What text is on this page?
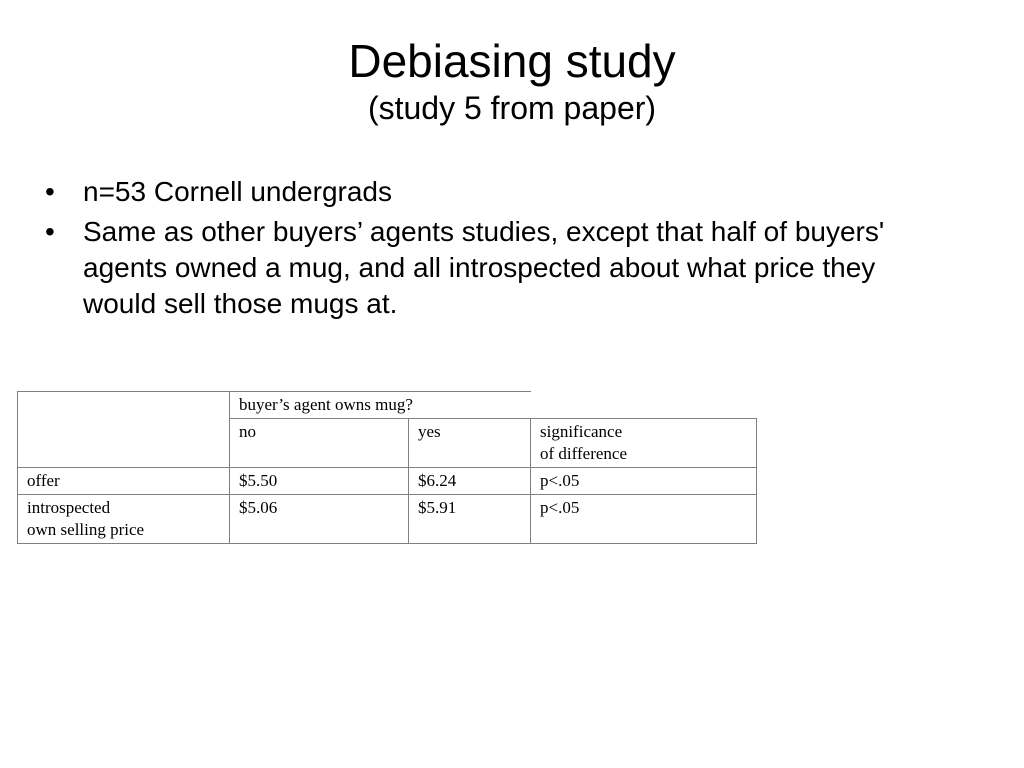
Debiasing study
(study 5 from paper)
• n=53 Cornell undergrads
• Same as other buyers’ agents studies, except that half of buyers' agents owned a mug, and all introspected about what price they would sell those mugs at.
	buyer’s agent owns mug?		
	no	yes	significance
of difference
offer	$5.50	$6.24	p<.05
introspected
own selling price	$5.06	$5.91	p<.05
